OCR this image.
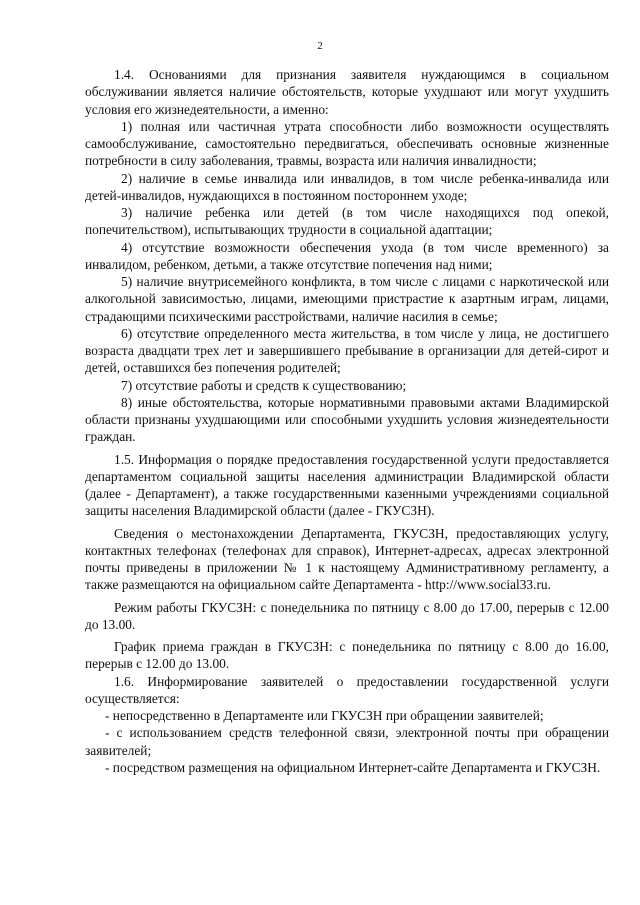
2

1.4. Основаниями для признания заявителя нуждающимся в социальном обслуживании является наличие обстоятельств, которые ухудшают или могут ухудшить условия его жизнедеятельности, а именно:

1) полная или частичная утрата способности либо возможности осуществлять самообслуживание, самостоятельно передвигаться, обеспечивать основные жизненные потребности в силу заболевания, травмы, возраста или наличия инвалидности;

2) наличие в семье инвалида или инвалидов, в том числе ребенка-инвалида или детей-инвалидов, нуждающихся в постоянном постороннем уходе;

3) наличие ребенка или детей (в том числе находящихся под опекой, попечительством), испытывающих трудности в социальной адаптации;

4) отсутствие возможности обеспечения ухода (в том числе временного) за инвалидом, ребенком, детьми, а также отсутствие попечения над ними;

5) наличие внутрисемейного конфликта, в том числе с лицами с наркотической или алкогольной зависимостью, лицами, имеющими пристрастие к азартным играм, лицами, страдающими психическими расстройствами, наличие насилия в семье;

6) отсутствие определенного места жительства, в том числе у лица, не достигшего возраста двадцати трех лет и завершившего пребывание в организации для детей-сирот и детей, оставшихся без попечения родителей;

7) отсутствие работы и средств к существованию;

8) иные обстоятельства, которые нормативными правовыми актами Владимирской области признаны ухудшающими или способными ухудшить условия жизнедеятельности граждан.

1.5. Информация о порядке предоставления государственной услуги предоставляется департаментом социальной защиты населения администрации Владимирской области (далее - Департамент), а также государственными казенными учреждениями социальной защиты населения Владимирской области (далее - ГКУСЗН).

Сведения о местонахождении Департамента, ГКУСЗН, предоставляющих услугу, контактных телефонах (телефонах для справок), Интернет-адресах, адресах электронной почты приведены в приложении № 1 к настоящему Административному регламенту, а также размещаются на официальном сайте Департамента - http://www.social33.ru.

Режим работы ГКУСЗН: с понедельника по пятницу с 8.00 до 17.00, перерыв с 12.00 до 13.00.

График приема граждан в ГКУСЗН: с понедельника по пятницу с 8.00 до 16.00, перерыв с 12.00 до 13.00.

1.6. Информирование заявителей о предоставлении государственной услуги осуществляется:

- непосредственно в Департаменте или ГКУСЗН при обращении заявителей;

- с использованием средств телефонной связи, электронной почты при обращении заявителей;

- посредством размещения на официальном Интернет-сайте Департамента и ГКУСЗН.
